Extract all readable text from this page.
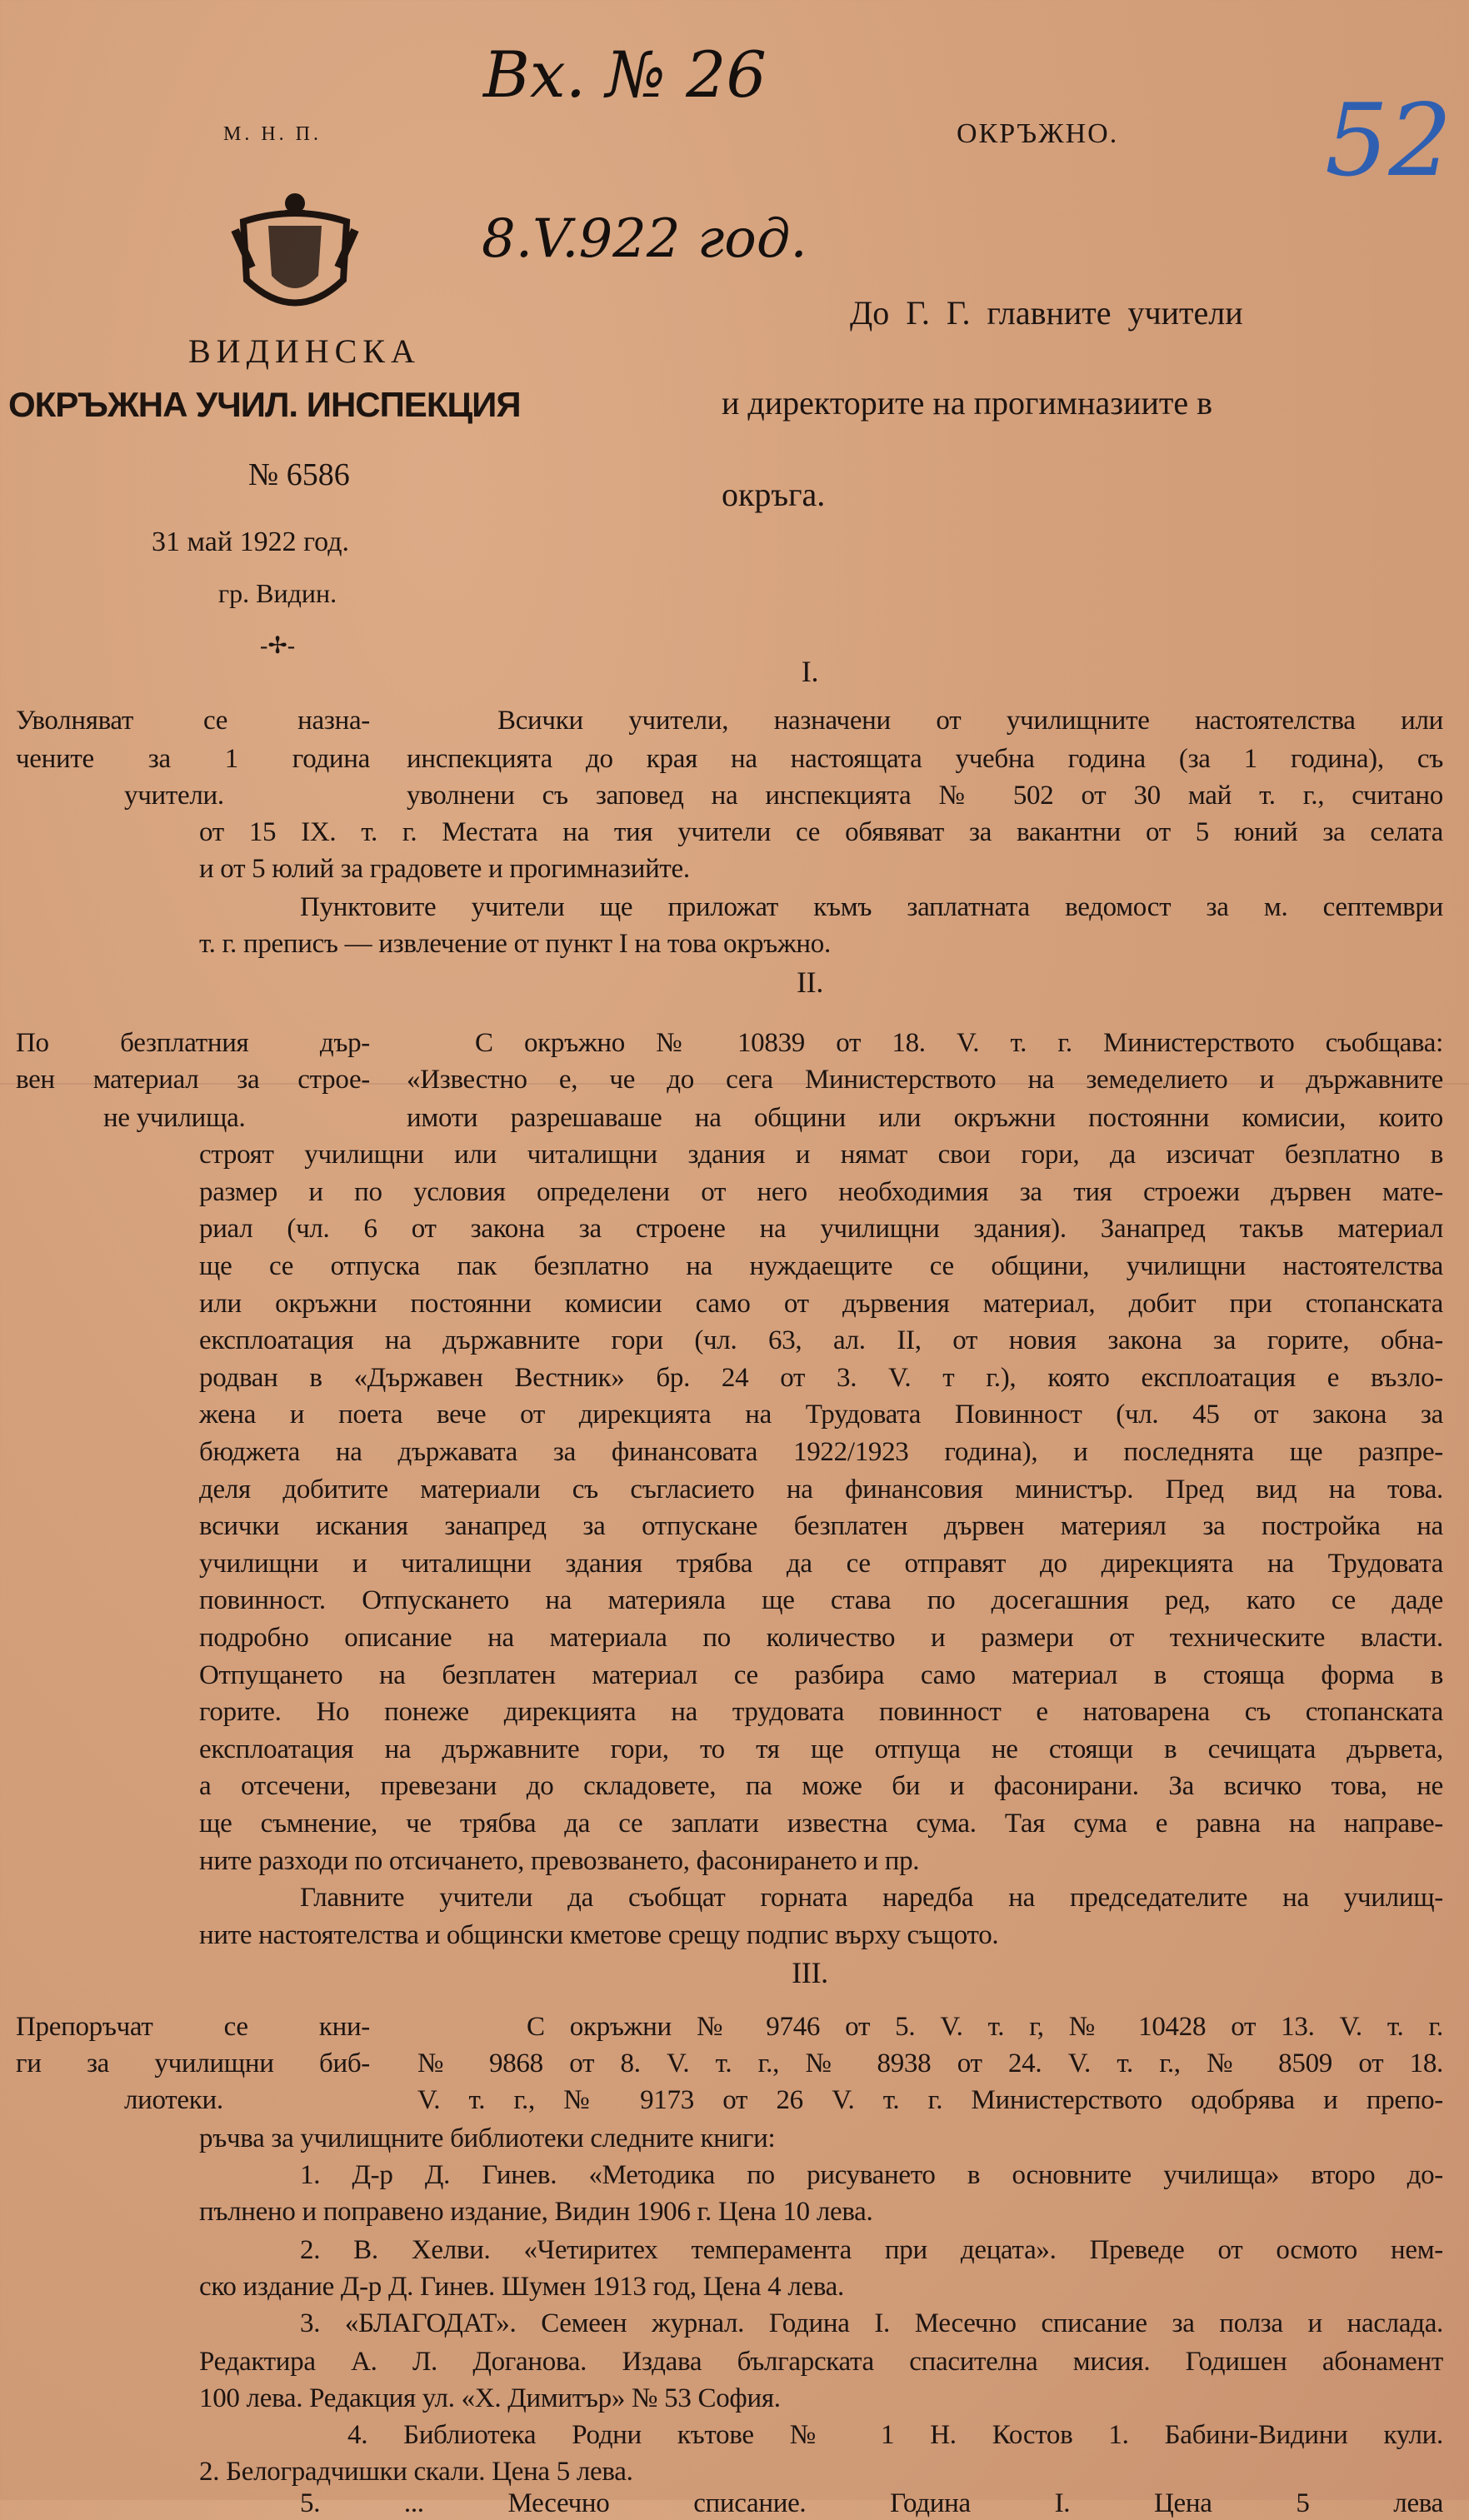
М. Н. П.
ВИДИНСКА
ОКРЪЖНА УЧИЛ. ИНСПЕКЦИЯ
№ 6586
31 май 1922 год.
гр. Видин.
-✢-
ОКРЪЖНО.
Вх. № 26
8.V.922 год.
52
До Г. Г. главните учители
и директорите на прогимназиите в
окръга.
I.
Уволняват се назна-
чените за 1 година
учители.
Всички учители, назначени от училищните настоятелства или
инспекцията до края на настоящата учебна година (за 1 година), съ
уволнени съ заповед на инспекцията № 502 от 30 май т. г., считано
от 15 IX. т. г. Местата на тия учители се обявяват за вакантни от 5 юний за селата
и от 5 юлий за градовете и прогимназийте.
Пунктовите учители ще приложат къмъ заплатната ведомост за м. септември
т. г. преписъ — извлечение от пункт I на това окръжно.
II.
По безплатния дър-
вен материал за строе-
не училища.
С окръжно № 10839 от 18. V. т. г. Министерството съобщава:
«Известно е, че до сега Министерството на земеделието и държавните
имоти разрешаваше на общини или окръжни постоянни комисии, които
строят училищни или читалищни здания и нямат свои гори, да изсичат безплатно в
размер и по условия определени от него необходимия за тия строежи дървен мате-
риал (чл. 6 от закона за строене на училищни здания). Занапред такъв материал
ще се отпуска пак безплатно на нуждаещите се общини, училищни настоятелства
или окръжни постоянни комисии само от дървения материал, добит при стопанската
експлоатация на държавните гори (чл. 63, ал. II, от новия закона за горите, обна-
родван в «Държавен Вестник» бр. 24 от 3. V. т г.), която експлоатация е възло-
жена и поета вече от дирекцията на Трудовата Повинност (чл. 45 от закона за
бюджета на държавата за финансовата 1922/1923 година), и последнята ще разпре-
деля добитите материали съ съгласието на финансовия министър. Пред вид на това.
всички искания занапред за отпускане безплатен дървен материял за постройка на
училищни и читалищни здания трябва да се отправят до дирекцията на Трудовата
повинност. Отпускането на материяла ще става по досегашния ред, като се даде
подробно описание на материала по количество и размери от техническите власти.
Отпущането на безплатен материал се разбира само материал в стояща форма в
горите. Но понеже дирекцията на трудовата повинност е натоварена съ стопанската
експлоатация на държавните гори, то тя ще отпуща не стоящи в сечищата дървета,
а отсечени, превезани до складовете, па може би и фасонирани. За всичко това, не
ще съмнение, че трябва да се заплати известна сума. Тая сума е равна на направе-
ните разходи по отсичането, превозването, фасонирането и пр.
Главните учители да съобщат горната наредба на председателите на училищ-
ните настоятелства и общински кметове срещу подпис върху същото.
III.
Препоръчат се кни-
ги за училищни биб-
лиотеки.
С окръжни № 9746 от 5. V. т. г, № 10428 от 13. V. т. г.
№ 9868 от 8. V. т. г., № 8938 от 24. V. т. г., № 8509 от 18.
V. т. г., № 9173 от 26 V. т. г. Министерството одобрява и препо-
ръчва за училищните библиотеки следните книги:
1. Д-р Д. Гинев. «Методика по рисуването в основните училища» второ до-
пълнено и поправено издание, Видин 1906 г. Цена 10 лева.
2. В. Хелви. «Четиритех темперамента при децата». Преведе от осмото нем-
ско издание Д-р Д. Гинев. Шумен 1913 год, Цена 4 лева.
3. «БЛАГОДАТ». Семеен журнал. Година I. Месечно списание за полза и наслада.
Редактира А. Л. Доганова. Издава българската спасителна мисия. Годишен абонамент
100 лева. Редакция ул. «Х. Димитър» № 53 София.
4. Библиотека Родни кътове № 1 Н. Костов 1. Бабини-Видини кули.
2. Белоградчишки скали. Цена 5 лева.
5. ... Месечно списание. Година I. Цена 5 лева
